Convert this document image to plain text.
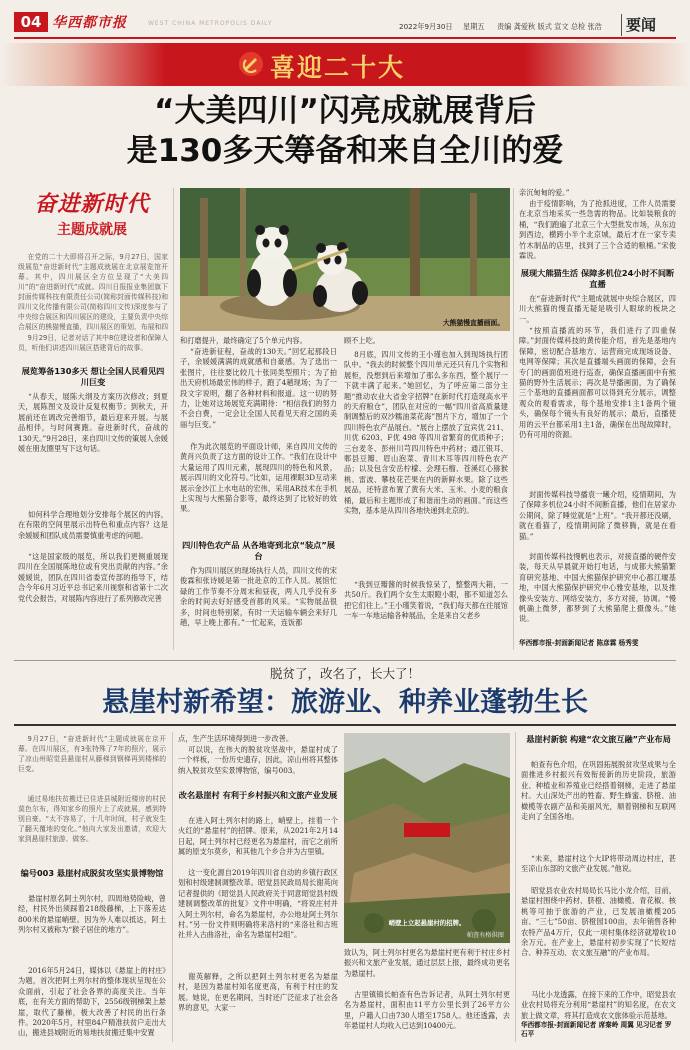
04 华西都市报	WEST CHINA METROPOLIS DAILY	2022年9月30日 星期五 责编 龚爱秋 版式 宣文 总检 张浩 要闻
喜迎二十大
“大美四川”闪亮成就展背后
是130多天筹备和来自全川的爱
奋进新时代
主题成就展
在党的二十大即将召开之际，9月27日，国家级展览“奋进新时代”主题成就展在北京展览馆开幕。其中，四川展区全方位呈现了“大美四川”的“奋进新时代”成就。四川日报报业集团旗下封面传媒科技有限责任公司(简称封面传媒科技)和四川文化传播有限公司(简称四川文传)深度参与了中央综合展区和四川展区的建设，主要负责中央综合展区的熊猫慢直播，四川展区的策划、布展和四
9月29日，记者对话了其中8位建设者和保障人员，听他们讲述四川展区搭建背后的故事。
展览筹备130多天 想让全国人民看见四川巨变
“从春天，展陈大纲及方案历次修改；到夏天，展陈图文及设计反复权衡节；到秋天，开展前还在调改完善细节，最后迎来开展。与展品相伴，与时间赛跑。奋进新时代，奋战的130天。”9月28日，来自四川文传的策展人余媛媛在朋友圈里写下这句话。
如何科学合理地划分安排每个展区的内容，在有限的空间里展示出特色和重点内容？这是余媛媛和团队成员需要慎重考虑的问题。
“这是国家级的展览，所以我们更侧重展现四川在全国展陈地位或有突出贡献的内容。”余媛媛说，团队在四川省委宣传部的指导下，结合今年6月习近平总书记来川视察和省第十二次党代会报告，对展陈内容进行了系列修改完善
大熊猫慢直播画面。
和打磨提升，最终确定了5个单元内容。
“奋进新征程，奋战的130天。”回忆起那段日子，余媛媛满满的成就感和自豪感。为了选出一张图片，往往要比较几十张同类型照片；为了拍出天府机场最宏伟的样子，跑了4趟现场；为了一段文字说明，翻了各种材料和报道。这一切的努力，让她对这场展览充满期待：“相信我们的努力不会白费，一定会让全国人民看见天府之国的美丽与巨变。”
作为此次展览的平面设计师，来自四川文传的黄肖兴负责了这方面的设计工作。“我们在设计中大量运用了四川元素，展现四川的特色和风景，展示四川的文化符号。”比如，运用裸眼3D互动来展示金沙江上水电站的宏伟，采用AR技术在手机上实现与大熊猫合影等，最终达到了比较好的效果。
四川特色农产品 从各地寄到北京“装点”展台
作为四川展区的现场执行人员，四川文传的宋俊霖和张诗媛是第一批赴京的工作人员。展馆忙碌的工作节奏不分周末和昼夜，两人几乎没有多余的时间去好好感受首都的风采。“实物展品很多，时间也特别紧，有时一天运输车辆会来好几趟，早上晚上都有。”一忙起来，连饭都
顾不上吃。
8月底，四川文传的王小瑾也加入到现场执行团队中。“我去的时候整个四川单元还只有几个实物和展柜，没想到后来增加了那么多东西，整个展厅一下就丰满了起来。”她回忆，为了呼应第二部分主题“推动农业大省金字招牌”在新时代打造现高水平的天府粮仓”，团队在对应的一幅“四川省高质量建制调整后的双沙糯油菜花海”图片下方，增加了一个四川特色农产品展台。“展台上摆放了宜宾优 211、川优 6203、F优 498 等四川省繁育的优质种子；三台麦冬、彭州川芎四川特色中药材；通江银耳、郫县豆瓣、眉山泡菜、青川木耳等四川特色农产品；以及包含安岳柠檬、会理石榴、苍溪红心猕猴桃、雷波、攀枝花芒果在内的新鲜水果。除了这些展品，还特意布置了黄有大米、玉米、小麦的粮食桶，最后和主题形成了和谐而生动的画面。”而这些实物，基本是从四川各地快递到北京的。
“我到豆瓣酱的时候我惊呆了，整整两大箱，一共50斤。我们两个女生太眼瞪小眼，都不知道怎么把它们往上。”王小瑾笑着说，“我们每天都在往展馆一车一车地运输各种展品，全是来自父老乡
亲沉甸甸的爱。”
由于疫情影响，为了抢抓进度，工作人员需要在北京当地采买一些急需的物品。比如装粮食的桶，“我们跑遍了北京三个大型批发市场，从东边到西边，横跨小半个北京城，最后才在一家专卖竹木制品的店里，找到了三个合适的粮桶。”宋俊霖说。
展现大熊猫生活 保障多机位24小时不间断直播
在“奋进新时代”主题成就展中央综合展区，四川大熊猫的慢直播无疑是吸引人眼球的板块之一。
“按照直播流的环节，我们进行了四重保障。”封面传媒科技的黄传能介绍，首先是基地内保障，密切配合基地方、运营商完成现场设备、电网等保障；其次是直播端头画面的保障，会有专门的画面值班进行巡查，确保直播画面中有熊猫的野外生活展示；再次是导播画面，为了确保三个基地的直播画面都可以得到充分展示，调整观众的观看需求，每个基地安排1主1备两个镜头，确保每个镜头有良好的展示；最后，直播使用的云平台都采用1主1备，确保在出现故障时，仍有可用的资源。
封面传媒科技导播袁一曦介绍，疫情期间，为了保障多机位24小时不间断直播，他们在居家办公期间，除了睡觉就是“上班”。“我开都还没刷，就在看猫了，疫情期间除了微移腾，就是在看猫。”
封面传媒科技慢帆也表示，对接直播的硬件安装，每天从早晨就开始打电话，与成都大熊猫繁育研究基地、中国大熊猫保护研究中心都江堰基地，中国大熊猫保护研究中心雅安基地，以及推像头安装方、网络安装方，多方对接，协调。“慢帆确上微梦，都梦到了大熊猫爬上摄像头。”她说。
华西都市报-封面新闻记者 陈彦霖 杨秀雯
脱贫了，改名了，长大了！
悬崖村新希望：旅游业、种养业蓬勃生长
9月27日，“奋进新时代”主题成就展在京开幕。在四川展区，有3张特殊了7年的照片，展示了凉山州昭觉县悬崖村从藤梯到钢梯再到楼梯的巨变。
通过易地扶贫搬迁已住进县城附近楼房的村民莫色尔布，得知家乡的照片上了成就展，感到特别自豪。“太不容易了，十几年时间，村子就发生了翻天覆地的变化。”他向大家发出邀请，欢迎大家到悬崖村旅游、做客。
编号003 悬崖村成脱贫攻坚实景博物馆
悬崖村原名阿土列尔村，四周地势险峻，曾经，村民外出须踩着218级藤梯，上下落差达800米的悬崖峭壁。因为外人难以抵达，阿土列尔村又被称为“猴子居住的地方”。
2016年5月24日，媒体以《悬崖上的村庄》为题，首次把阿土列尔村的整体现状呈现在公众面前，引起了社会各界的高度关注。当年底，在有关方面的帮助下，2556级钢梯架上悬崖，取代了藤梯，极大改善了村民的出行条件。2020年5月，村里84户精准扶贫户走出大山，搬进县城附近的易地扶贫搬迁集中安置
点，生产生活环境得到进一步改善。
可以说，在伟大的脱贫攻坚战中，悬崖村成了一个样板，一份历史遗存，因此，凉山州将其整体纳入脱贫攻坚实景博物馆，编号003。
改名悬崖村 有利于乡村振兴和文旅产业发展
在进入阿土列尔村的路上，峭壁上，挂着一个火红的“悬崖村”的招牌。原来，从2021年2月14日起，阿土列尔村已经更名为悬崖村，而它之前所属的原支尔莫乡，和其他几个乡合并为古里镇。
这一变化源自2019年四川省自动的乡镇行政区划和村级建制调整改革。昭觉县民政局局长谢英向记者提供的《昭觉县人民政府关于同意昭觉县村级建制调整改革的批复》文件中明确，“将说庄村并入阿土列尔村，命名为悬崖村，办公地址阿土列尔村。”另一份文件则明确将来洛村的“来洛社和古班社并入古曲洛社，命名为悬崖村2组”。
谢英解释，之所以把阿土列尔村更名为悬崖村，是因为悬崖村知名度更高，有利于村庄的发展。她说，在更名期间，当时还广泛征求了社会各界的意见，大家一
峭壁上立起悬崖村的招牌。
帕查有格供图
致认为，阿土列尔村更名为悬崖村更有利于村庄乡村振兴和文旅产业发展，通过层层上报，最终成功更名为悬崖村。
古里镇镇长帕查有色告诉记者，从阿土列尔村更名为悬崖村，面积由11平方公里长到了26平方公里，户籍人口由730人增至1758人。他还透露，去年悬崖村人均收入已达到10400元。
悬崖村新貌 构建“农文旅互融”产业布局
帕查有色介绍，在巩固拓展脱贫攻坚成果与全面推进乡村振兴有效衔接新的历史阶段，旅游业、种植业和养殖业已经搭着钢梯，走进了悬崖村。大山深处产出的牲畜、野生蜂蜜、脐橙、油橄榄等农副产品和美丽风光，顺着钢梯和互联网走向了全国各地。
“未来，悬崖村这个大IP将带动周边村庄，甚至凉山东部的文旅产业发展。”他说。
昭觉县农业农村局局长马比小龙介绍，目前，悬崖村围绕中药材、脐橙、油橄榄、青花椒、核桃等可抽于旅游的产业，已发展油橄榄205亩、“三七”50亩、脐橙园100亩，去年销售各种农特产品4万斤，仅此一项村集体经济就增收10余万元。在产业上，悬崖村初步实现了“长短结合、种养互动、农文旅互融”的产业布局。
马比小龙透露，在接下来的工作中，昭觉县农业农村局将充分利用“悬崖村”的知名度，在农文旅上做文章，将其打造成农文旅体验示范基地。
华西都市报-封面新闻记者 席秦岭 周翼 见习记者 罗石平
